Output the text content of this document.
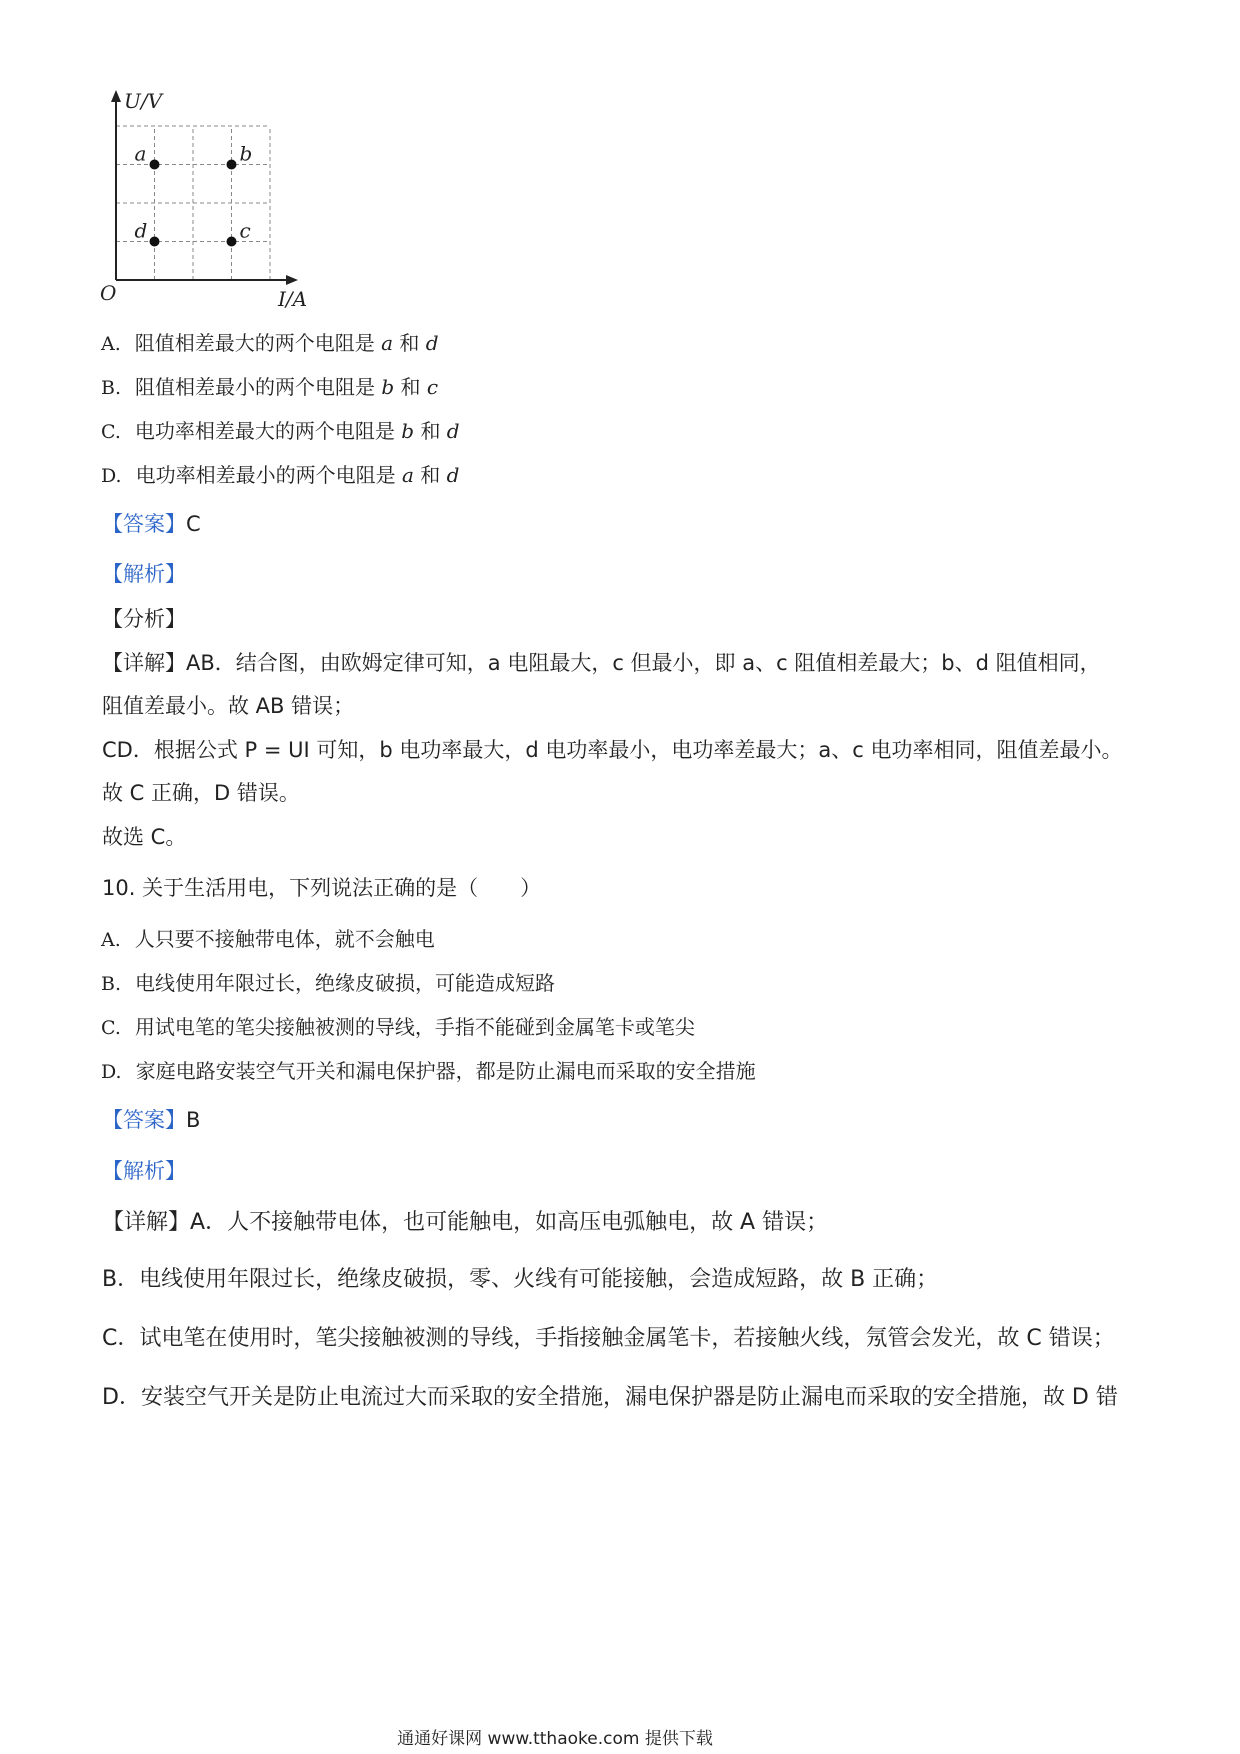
U/V
I/A
O
a	b
d	c
A. 阻值相差最大的两个电阻是 a 和 d
B. 阻值相差最小的两个电阻是 b 和 c
C. 电功率相差最大的两个电阻是 b 和 d
D. 电功率相差最小的两个电阻是 a 和 d
【答案】C
【解析】
【分析】
【详解】AB．结合图，由欧姆定律可知，a 电阻最大，c 但最小，即 a、c 阻值相差最大；b、d 阻值相同，
阻值差最小。故 AB 错误；
CD．根据公式 P = UI 可知，b 电功率最大，d 电功率最小，电功率差最大；a、c 电功率相同，阻值差最小。
故 C 正确，D 错误。
故选 C。
10. 关于生活用电，下列说法正确的是（　　）
A. 人只要不接触带电体，就不会触电
B. 电线使用年限过长，绝缘皮破损，可能造成短路
C. 用试电笔的笔尖接触被测的导线，手指不能碰到金属笔卡或笔尖
D. 家庭电路安装空气开关和漏电保护器，都是防止漏电而采取的安全措施
【答案】B
【解析】
【详解】A．人不接触带电体，也可能触电，如高压电弧触电，故 A 错误；
B．电线使用年限过长，绝缘皮破损，零、火线有可能接触，会造成短路，故 B 正确；
C．试电笔在使用时，笔尖接触被测的导线，手指接触金属笔卡，若接触火线，氖管会发光，故 C 错误；
D．安装空气开关是防止电流过大而采取的安全措施，漏电保护器是防止漏电而采取的安全措施，故 D 错
通通好课网 www.tthaoke.com 提供下载
